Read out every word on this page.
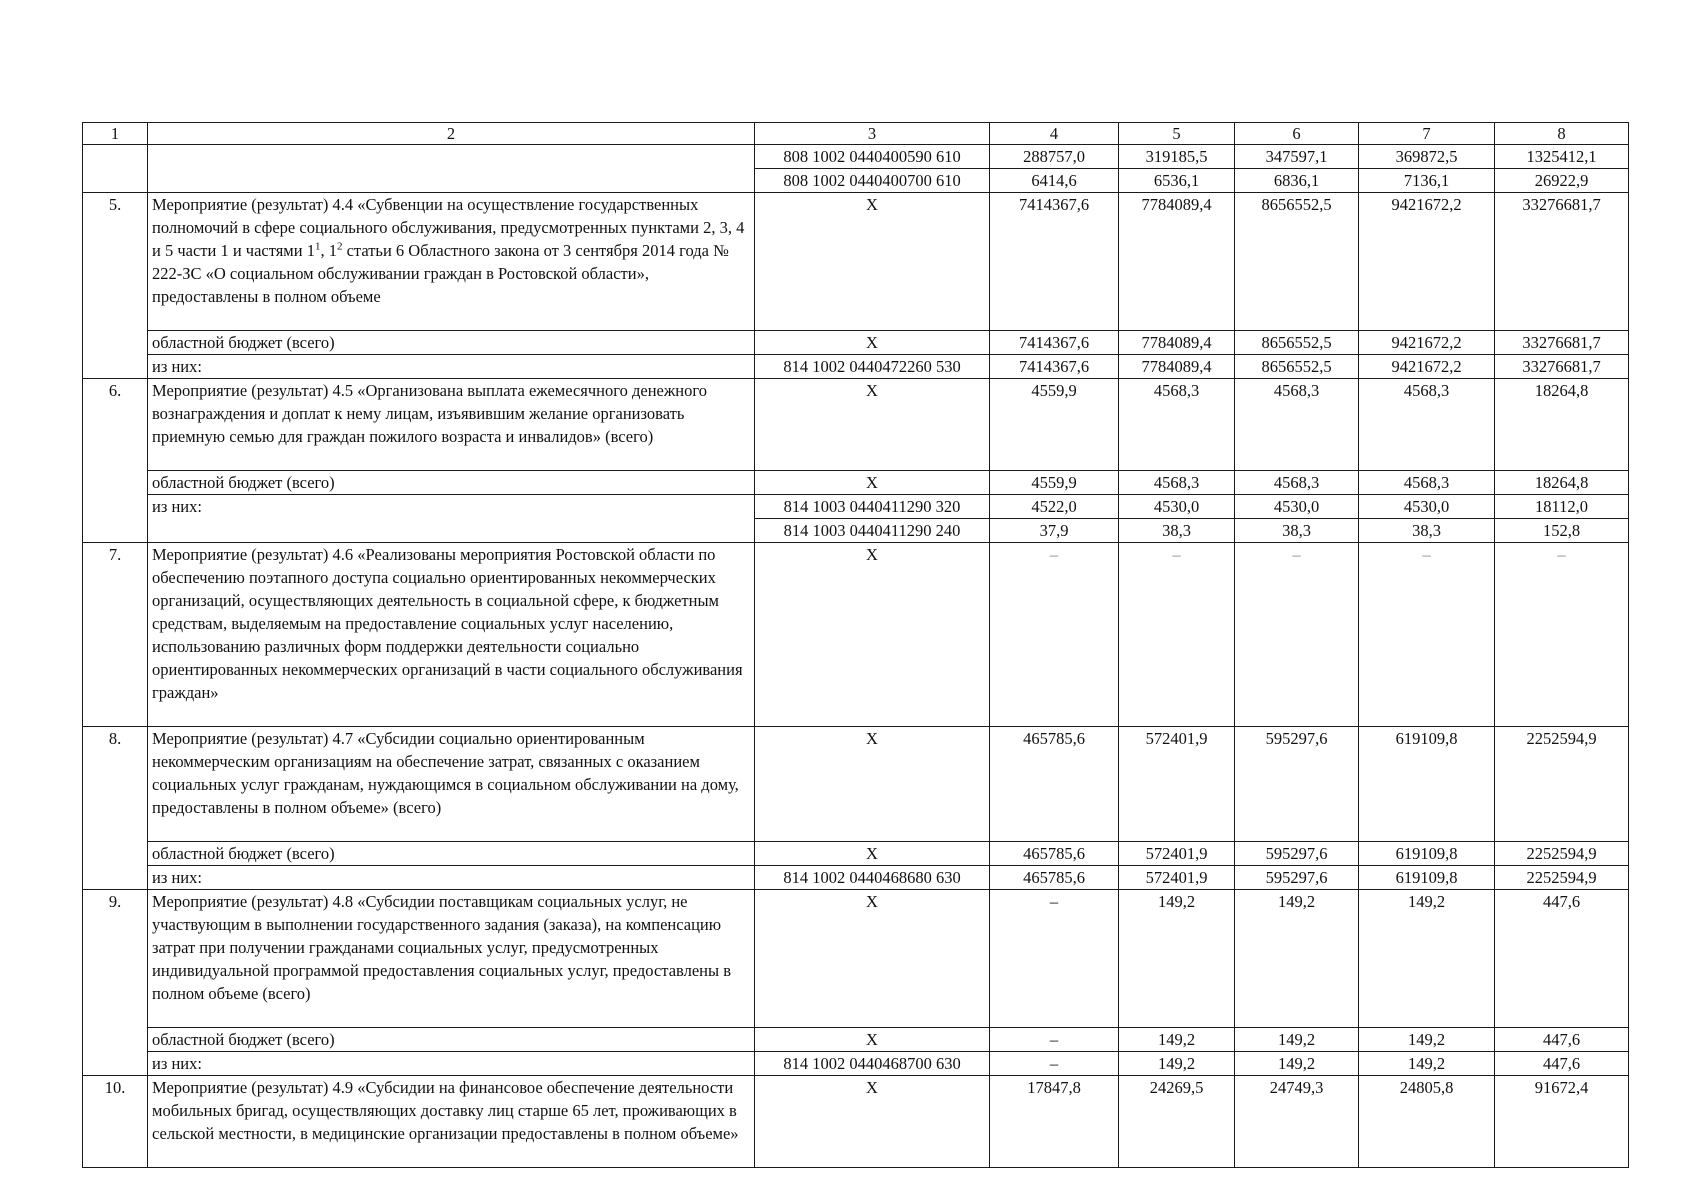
1	2	3	4	5	6	7	8
		808 1002 0440400590 610	288757,0	319185,5	347597,1	369872,5	1325412,1
		808 1002 0440400700 610	6414,6	6536,1	6836,1	7136,1	26922,9
5.	Мероприятие (результат) 4.4 «Субвенции на осуществление государственных полномочий в сфере социального обслуживания, предусмотренных пунктами 2, 3, 4 и 5 части 1 и частями $1^1$, $1^2$ статьи 6 Областного закона от 3 сентября 2014 года № 222-ЗС «О социальном обслуживании граждан в Ростовской области», предоставлены в полном объеме	X	7414367,6	7784089,4	8656552,5	9421672,2	33276681,7
	областной бюджет (всего)	X	7414367,6	7784089,4	8656552,5	9421672,2	33276681,7
	из них:	814 1002 0440472260 530	7414367,6	7784089,4	8656552,5	9421672,2	33276681,7
6.	Мероприятие (результат) 4.5 «Организована выплата ежемесячного денежного вознаграждения и доплат к нему лицам, изъявившим желание организовать приемную семью для граждан пожилого возраста и инвалидов» (всего)	X	4559,9	4568,3	4568,3	4568,3	18264,8
	областной бюджет (всего)	X	4559,9	4568,3	4568,3	4568,3	18264,8
	из них:	814 1003 0440411290 320	4522,0	4530,0	4530,0	4530,0	18112,0
		814 1003 0440411290 240	37,9	38,3	38,3	38,3	152,8
7.	Мероприятие (результат) 4.6 «Реализованы мероприятия Ростовской области по обеспечению поэтапного доступа социально ориентированных некоммерческих организаций, осуществляющих деятельность в социальной сфере, к бюджетным средствам, выделяемым на предоставление социальных услуг населению, использованию различных форм поддержки деятельности социально ориентированных некоммерческих организаций в части социального обслуживания граждан»	X	–	–	–	–	–
8.	Мероприятие (результат) 4.7 «Субсидии социально ориентированным некоммерческим организациям на обеспечение затрат, связанных с оказанием социальных услуг гражданам, нуждающимся в социальном обслуживании на дому, предоставлены в полном объеме» (всего)	X	465785,6	572401,9	595297,6	619109,8	2252594,9
	областной бюджет (всего)	X	465785,6	572401,9	595297,6	619109,8	2252594,9
	из них:	814 1002 0440468680 630	465785,6	572401,9	595297,6	619109,8	2252594,9
9.	Мероприятие (результат) 4.8 «Субсидии поставщикам социальных услуг, не участвующим в выполнении государственного задания (заказа), на компенсацию затрат при получении гражданами социальных услуг, предусмотренных индивидуальной программой предоставления социальных услуг, предоставлены в полном объеме (всего)	X	–	149,2	149,2	149,2	447,6
	областной бюджет (всего)	X	–	149,2	149,2	149,2	447,6
	из них:	814 1002 0440468700 630	–	149,2	149,2	149,2	447,6
10.	Мероприятие (результат) 4.9 «Субсидии на финансовое обеспечение деятельности мобильных бригад, осуществляющих доставку лиц старше 65 лет, проживающих в сельской местности, в медицинские организации предоставлены в полном объеме»	X	17847,8	24269,5	24749,3	24805,8	91672,4
